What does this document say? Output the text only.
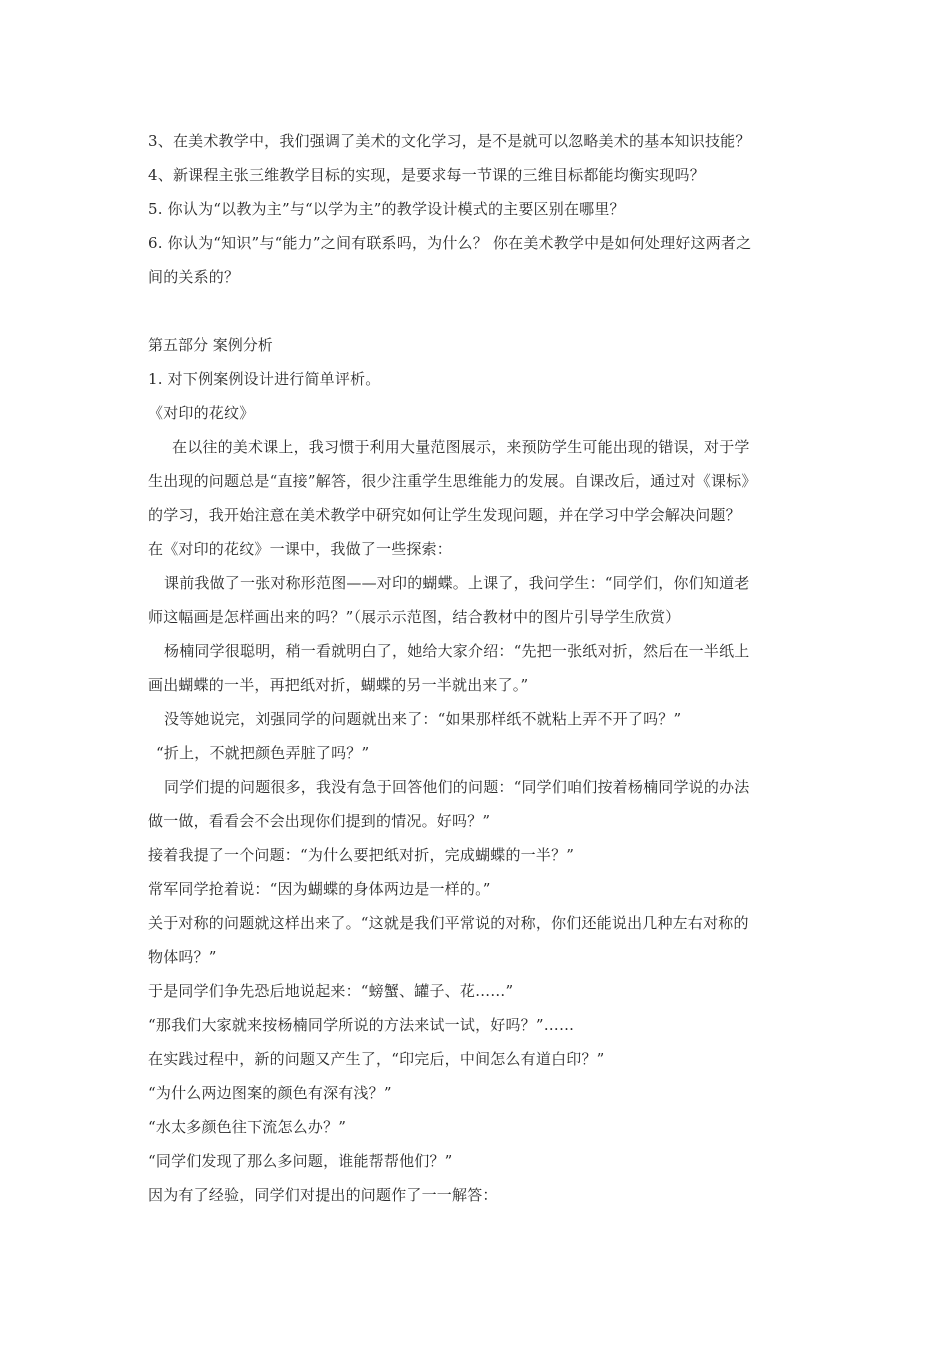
3、在美术教学中，我们强调了美术的文化学习，是不是就可以忽略美术的基本知识技能？
4、新课程主张三维教学目标的实现，是要求每一节课的三维目标都能均衡实现吗？
5. 你认为“以教为主”与“以学为主”的教学设计模式的主要区别在哪里？
6. 你认为“知识”与“能力”之间有联系吗，为什么？ 你在美术教学中是如何处理好这两者之
间的关系的？
第五部分 案例分析
1. 对下例案例设计进行简单评析。
《对印的花纹》
在以往的美术课上，我习惯于利用大量范图展示，来预防学生可能出现的错误，对于学
生出现的问题总是“直接”解答，很少注重学生思维能力的发展。自课改后，通过对《课标》
的学习，我开始注意在美术教学中研究如何让学生发现问题，并在学习中学会解决问题？
在《对印的花纹》一课中，我做了一些探索：
课前我做了一张对称形范图——对印的蝴蝶。上课了，我问学生：“同学们，你们知道老
师这幅画是怎样画出来的吗？”（展示示范图，结合教材中的图片引导学生欣赏）
杨楠同学很聪明，稍一看就明白了，她给大家介绍：“先把一张纸对折，然后在一半纸上
画出蝴蝶的一半，再把纸对折，蝴蝶的另一半就出来了。”
没等她说完，刘强同学的问题就出来了：“如果那样纸不就粘上弄不开了吗？”
“折上，不就把颜色弄脏了吗？”
同学们提的问题很多，我没有急于回答他们的问题：“同学们咱们按着杨楠同学说的办法
做一做，看看会不会出现你们提到的情况。好吗？”
接着我提了一个问题：“为什么要把纸对折，完成蝴蝶的一半？”
常军同学抢着说：“因为蝴蝶的身体两边是一样的。”
关于对称的问题就这样出来了。“这就是我们平常说的对称，你们还能说出几种左右对称的
物体吗？”
于是同学们争先恐后地说起来：“螃蟹、罐子、花……”
“那我们大家就来按杨楠同学所说的方法来试一试，好吗？”……
在实践过程中，新的问题又产生了，“印完后，中间怎么有道白印？”
“为什么两边图案的颜色有深有浅？”
“水太多颜色往下流怎么办？”
“同学们发现了那么多问题，谁能帮帮他们？”
因为有了经验，同学们对提出的问题作了一一解答：
